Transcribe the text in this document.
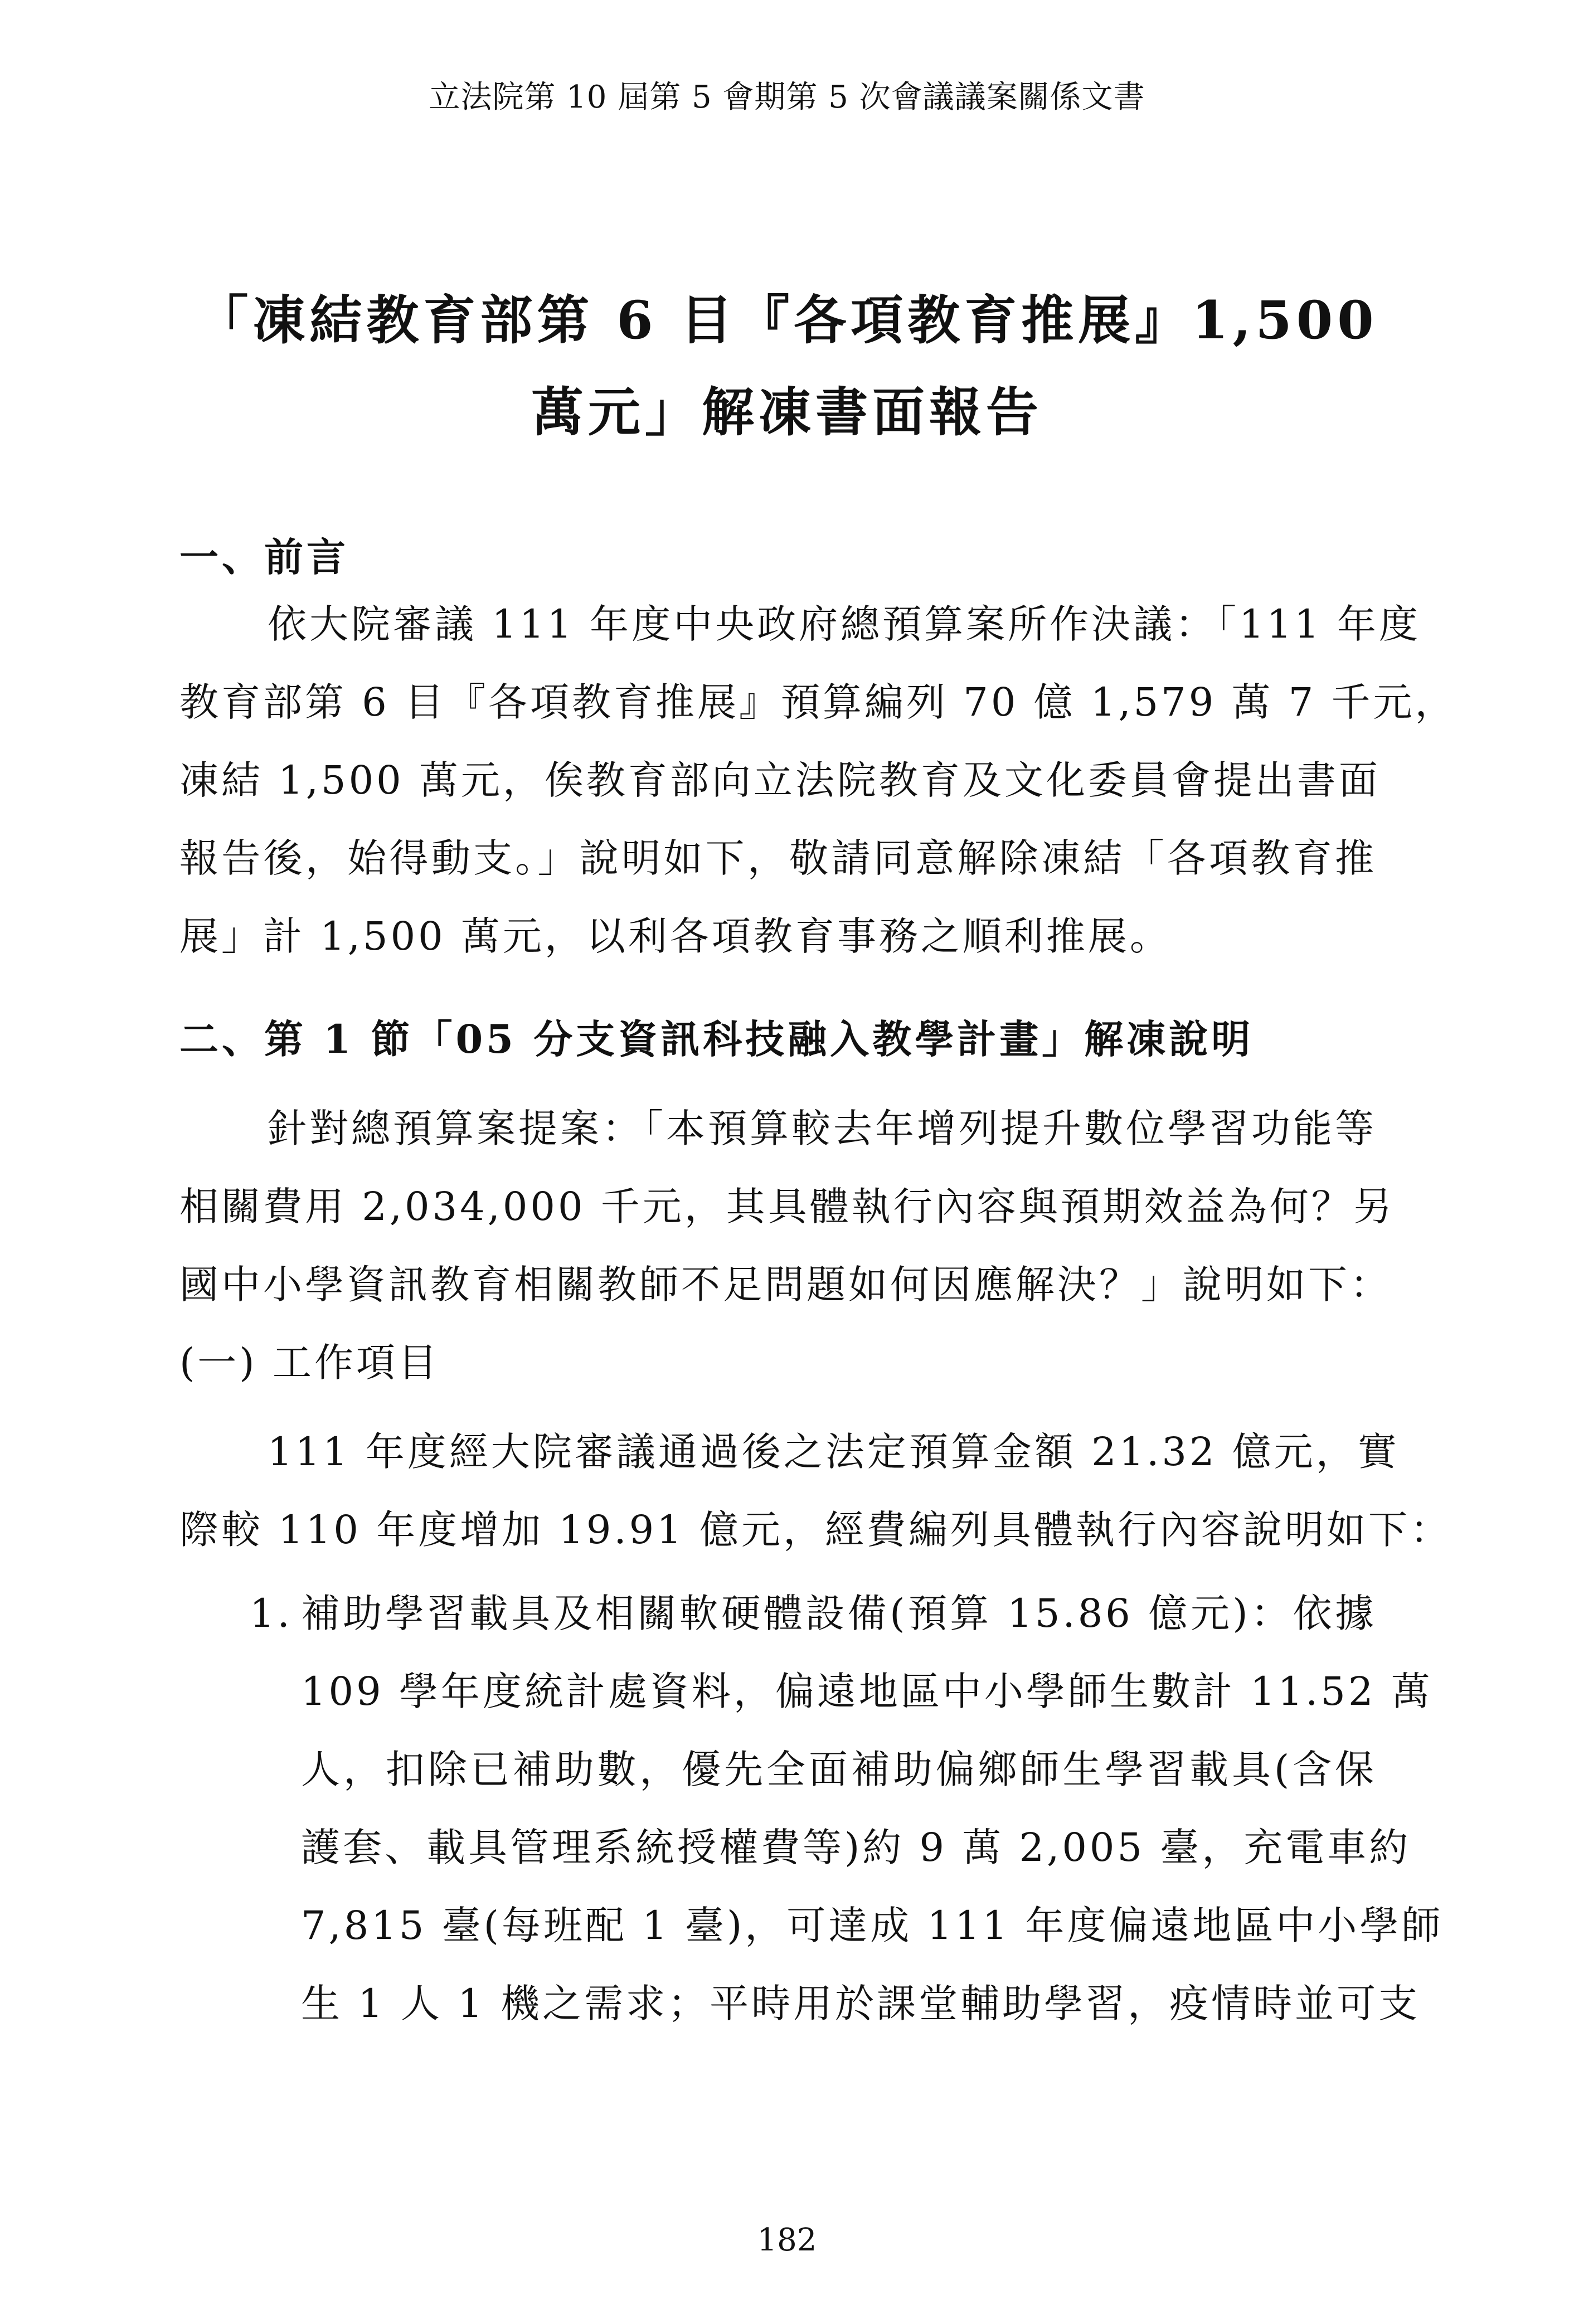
立法院第 10 屆第 5 會期第 5 次會議議案關係文書
「凍結教育部第 6 目『各項教育推展』1,500
萬元」解凍書面報告
一、前言
依大院審議 111 年度中央政府總預算案所作決議：「111 年度
教育部第 6 目『各項教育推展』預算編列 70 億 1,579 萬 7 千元，
凍結 1,500 萬元，俟教育部向立法院教育及文化委員會提出書面
報告後，始得動支。」說明如下，敬請同意解除凍結「各項教育推
展」計 1,500 萬元，以利各項教育事務之順利推展。
二、第 1 節「05 分支資訊科技融入教學計畫」解凍說明
針對總預算案提案：「本預算較去年增列提升數位學習功能等
相關費用 2,034,000 千元，其具體執行內容與預期效益為何？另
國中小學資訊教育相關教師不足問題如何因應解決？」說明如下：
(一) 工作項目
111 年度經大院審議通過後之法定預算金額 21.32 億元，實
際較 110 年度增加 19.91 億元，經費編列具體執行內容說明如下：
1. 補助學習載具及相關軟硬體設備(預算 15.86 億元)：依據
109 學年度統計處資料，偏遠地區中小學師生數計 11.52 萬
人，扣除已補助數，優先全面補助偏鄉師生學習載具(含保
護套、載具管理系統授權費等)約 9 萬 2,005 臺，充電車約
7,815 臺(每班配 1 臺)，可達成 111 年度偏遠地區中小學師
生 1 人 1 機之需求；平時用於課堂輔助學習，疫情時並可支
182
